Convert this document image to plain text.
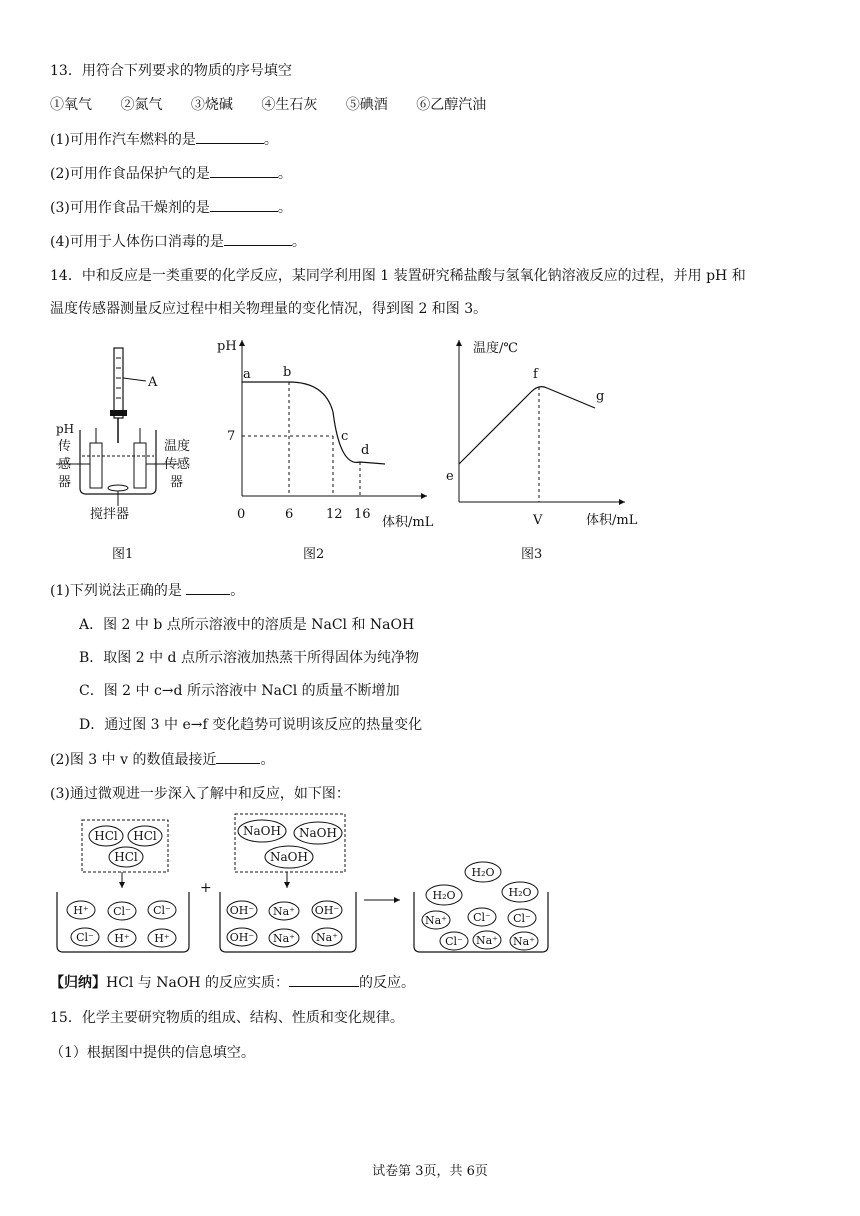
13．用符合下列要求的物质的序号填空
①氧气 ②氮气 ③烧碱 ④生石灰 ⑤碘酒 ⑥乙醇汽油
(1)可用作汽车燃料的是	。
(2)可用作食品保护气的是	。
(3)可用作食品干燥剂的是	。
(4)可用于人体伤口消毒的是	。
14．中和反应是一类重要的化学反应，某同学利用图 1 装置研究稀盐酸与氢氧化钠溶液反应的过程，并用 pH 和
温度传感器测量反应过程中相关物理量的变化情况，得到图 2 和图 3。
A
pH
传
感
器
温度
传感
器
搅拌器
图1
pH
a b
c
d
7
0	6	12 16
体积/mL
图2
温度/℃
e
f
g
V	体积/mL
图3
(1)下列说法正确的是	。
A．图 2 中 b 点所示溶液中的溶质是 NaCl 和 NaOH
B．取图 2 中 d 点所示溶液加热蒸干所得固体为纯净物
C．图 2 中 c→d 所示溶液中 NaCl 的质量不断增加
D．通过图 3 中 e→f 变化趋势可说明该反应的热量变化
(2)图 3 中 v 的数值最接近	。
(3)通过微观进一步深入了解中和反应，如下图：
HCl HCl
HCl
H⁺ Cl⁻ Cl⁻
Cl⁻ H⁺ H⁺
+
NaOH NaOH
NaOH
OH⁻ Na⁺ OH⁻
OH⁻ Na⁺ Na⁺
H₂O
H₂O	H₂O
Na⁺ Cl⁻ Cl⁻
Cl⁻ Na⁺ Na⁺
【归纳】HCl 与 NaOH 的反应实质：	的反应。
15．化学主要研究物质的组成、结构、性质和变化规律。
（1）根据图中提供的信息填空。
试卷第 3页，共 6页
